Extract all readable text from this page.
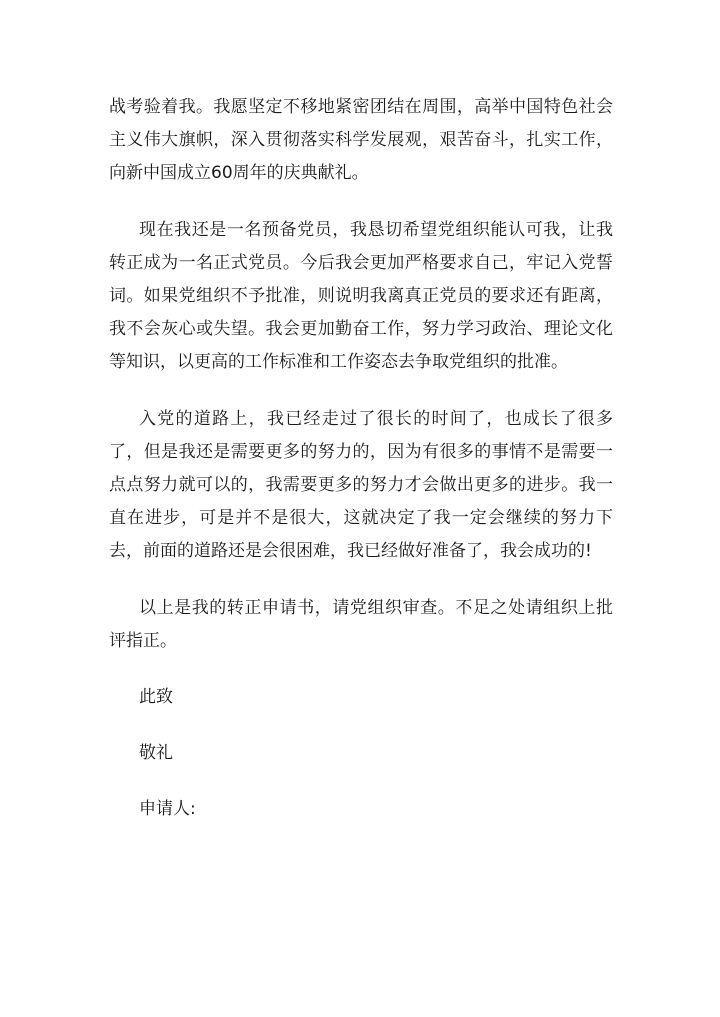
战考验着我。我愿坚定不移地紧密团结在周围，高举中国特色社会主义伟大旗帜，深入贯彻落实科学发展观，艰苦奋斗，扎实工作，向新中国成立60周年的庆典献礼。

现在我还是一名预备党员，我恳切希望党组织能认可我，让我转正成为一名正式党员。今后我会更加严格要求自己，牢记入党誓词。如果党组织不予批准，则说明我离真正党员的要求还有距离，我不会灰心或失望。我会更加勤奋工作，努力学习政治、理论文化等知识，以更高的工作标准和工作姿态去争取党组织的批准。

入党的道路上，我已经走过了很长的时间了，也成长了很多了，但是我还是需要更多的努力的，因为有很多的事情不是需要一点点努力就可以的，我需要更多的努力才会做出更多的进步。我一直在进步，可是并不是很大，这就决定了我一定会继续的努力下去，前面的道路还是会很困难，我已经做好准备了，我会成功的!

以上是我的转正申请书，请党组织审查。不足之处请组织上批评指正。

此致

敬礼

申请人:
